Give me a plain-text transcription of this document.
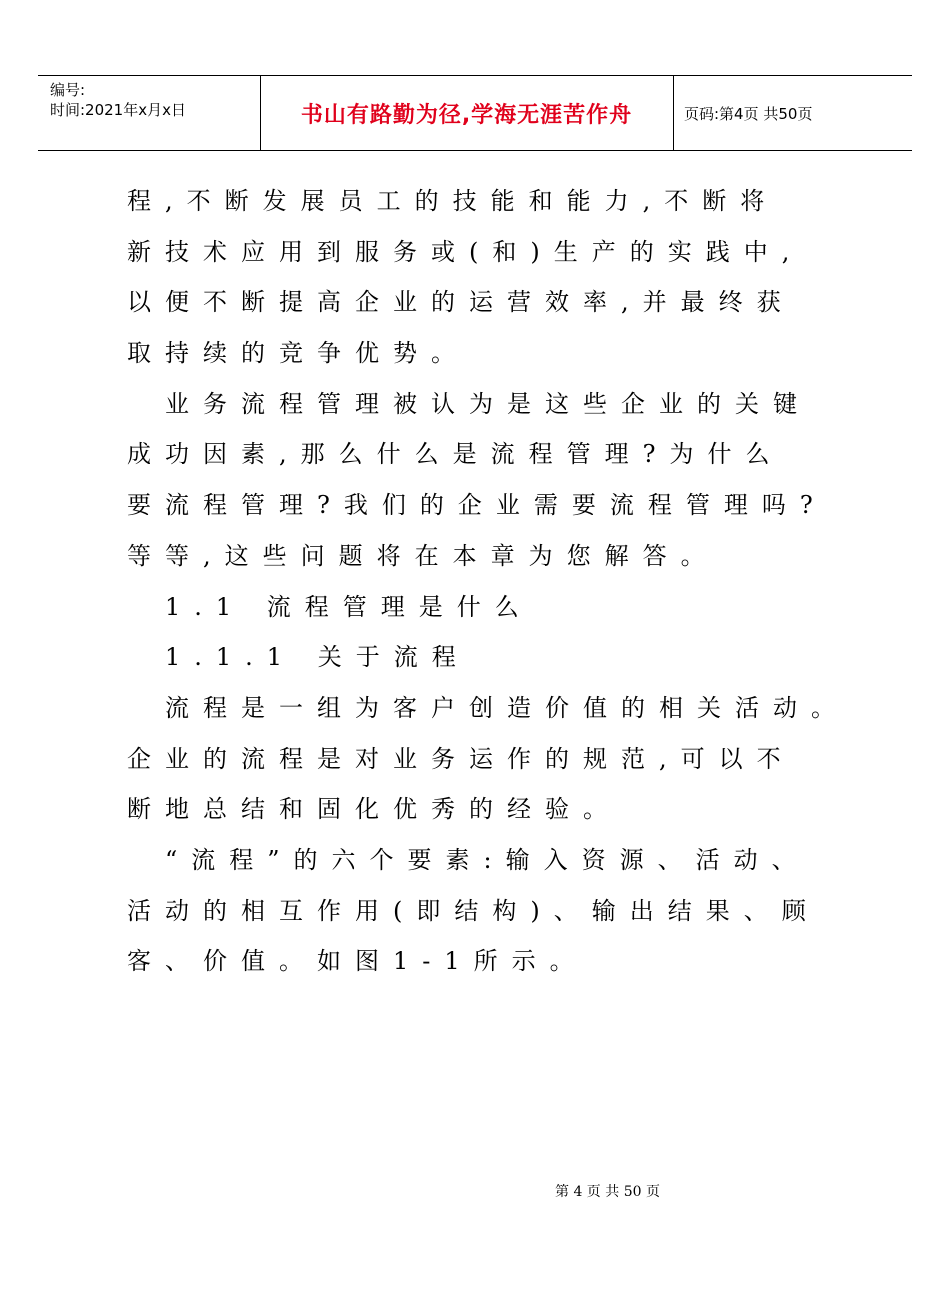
编号:
时间:2021年x月x日	书山有路勤为径,学海无涯苦作舟	页码:第4页 共50页
程,不断发展员工的技能和能力,不断将
新技术应用到服务或(和)生产的实践中,
以便不断提高企业的运营效率,并最终获
取持续的竞争优势。
业务流程管理被认为是这些企业的关键
成功因素,那么什么是流程管理?为什么
要流程管理?我们的企业需要流程管理吗?
等等,这些问题将在本章为您解答。
1.1 流程管理是什么
1.1.1 关于流程
流程是一组为客户创造价值的相关活动。
企业的流程是对业务运作的规范,可以不
断地总结和固化优秀的经验。
“流程”的六个要素:输入资源、活动、
活动的相互作用(即结构)、输出结果、顾
客、价值。如图1-1所示。
第 4 页 共 50 页
